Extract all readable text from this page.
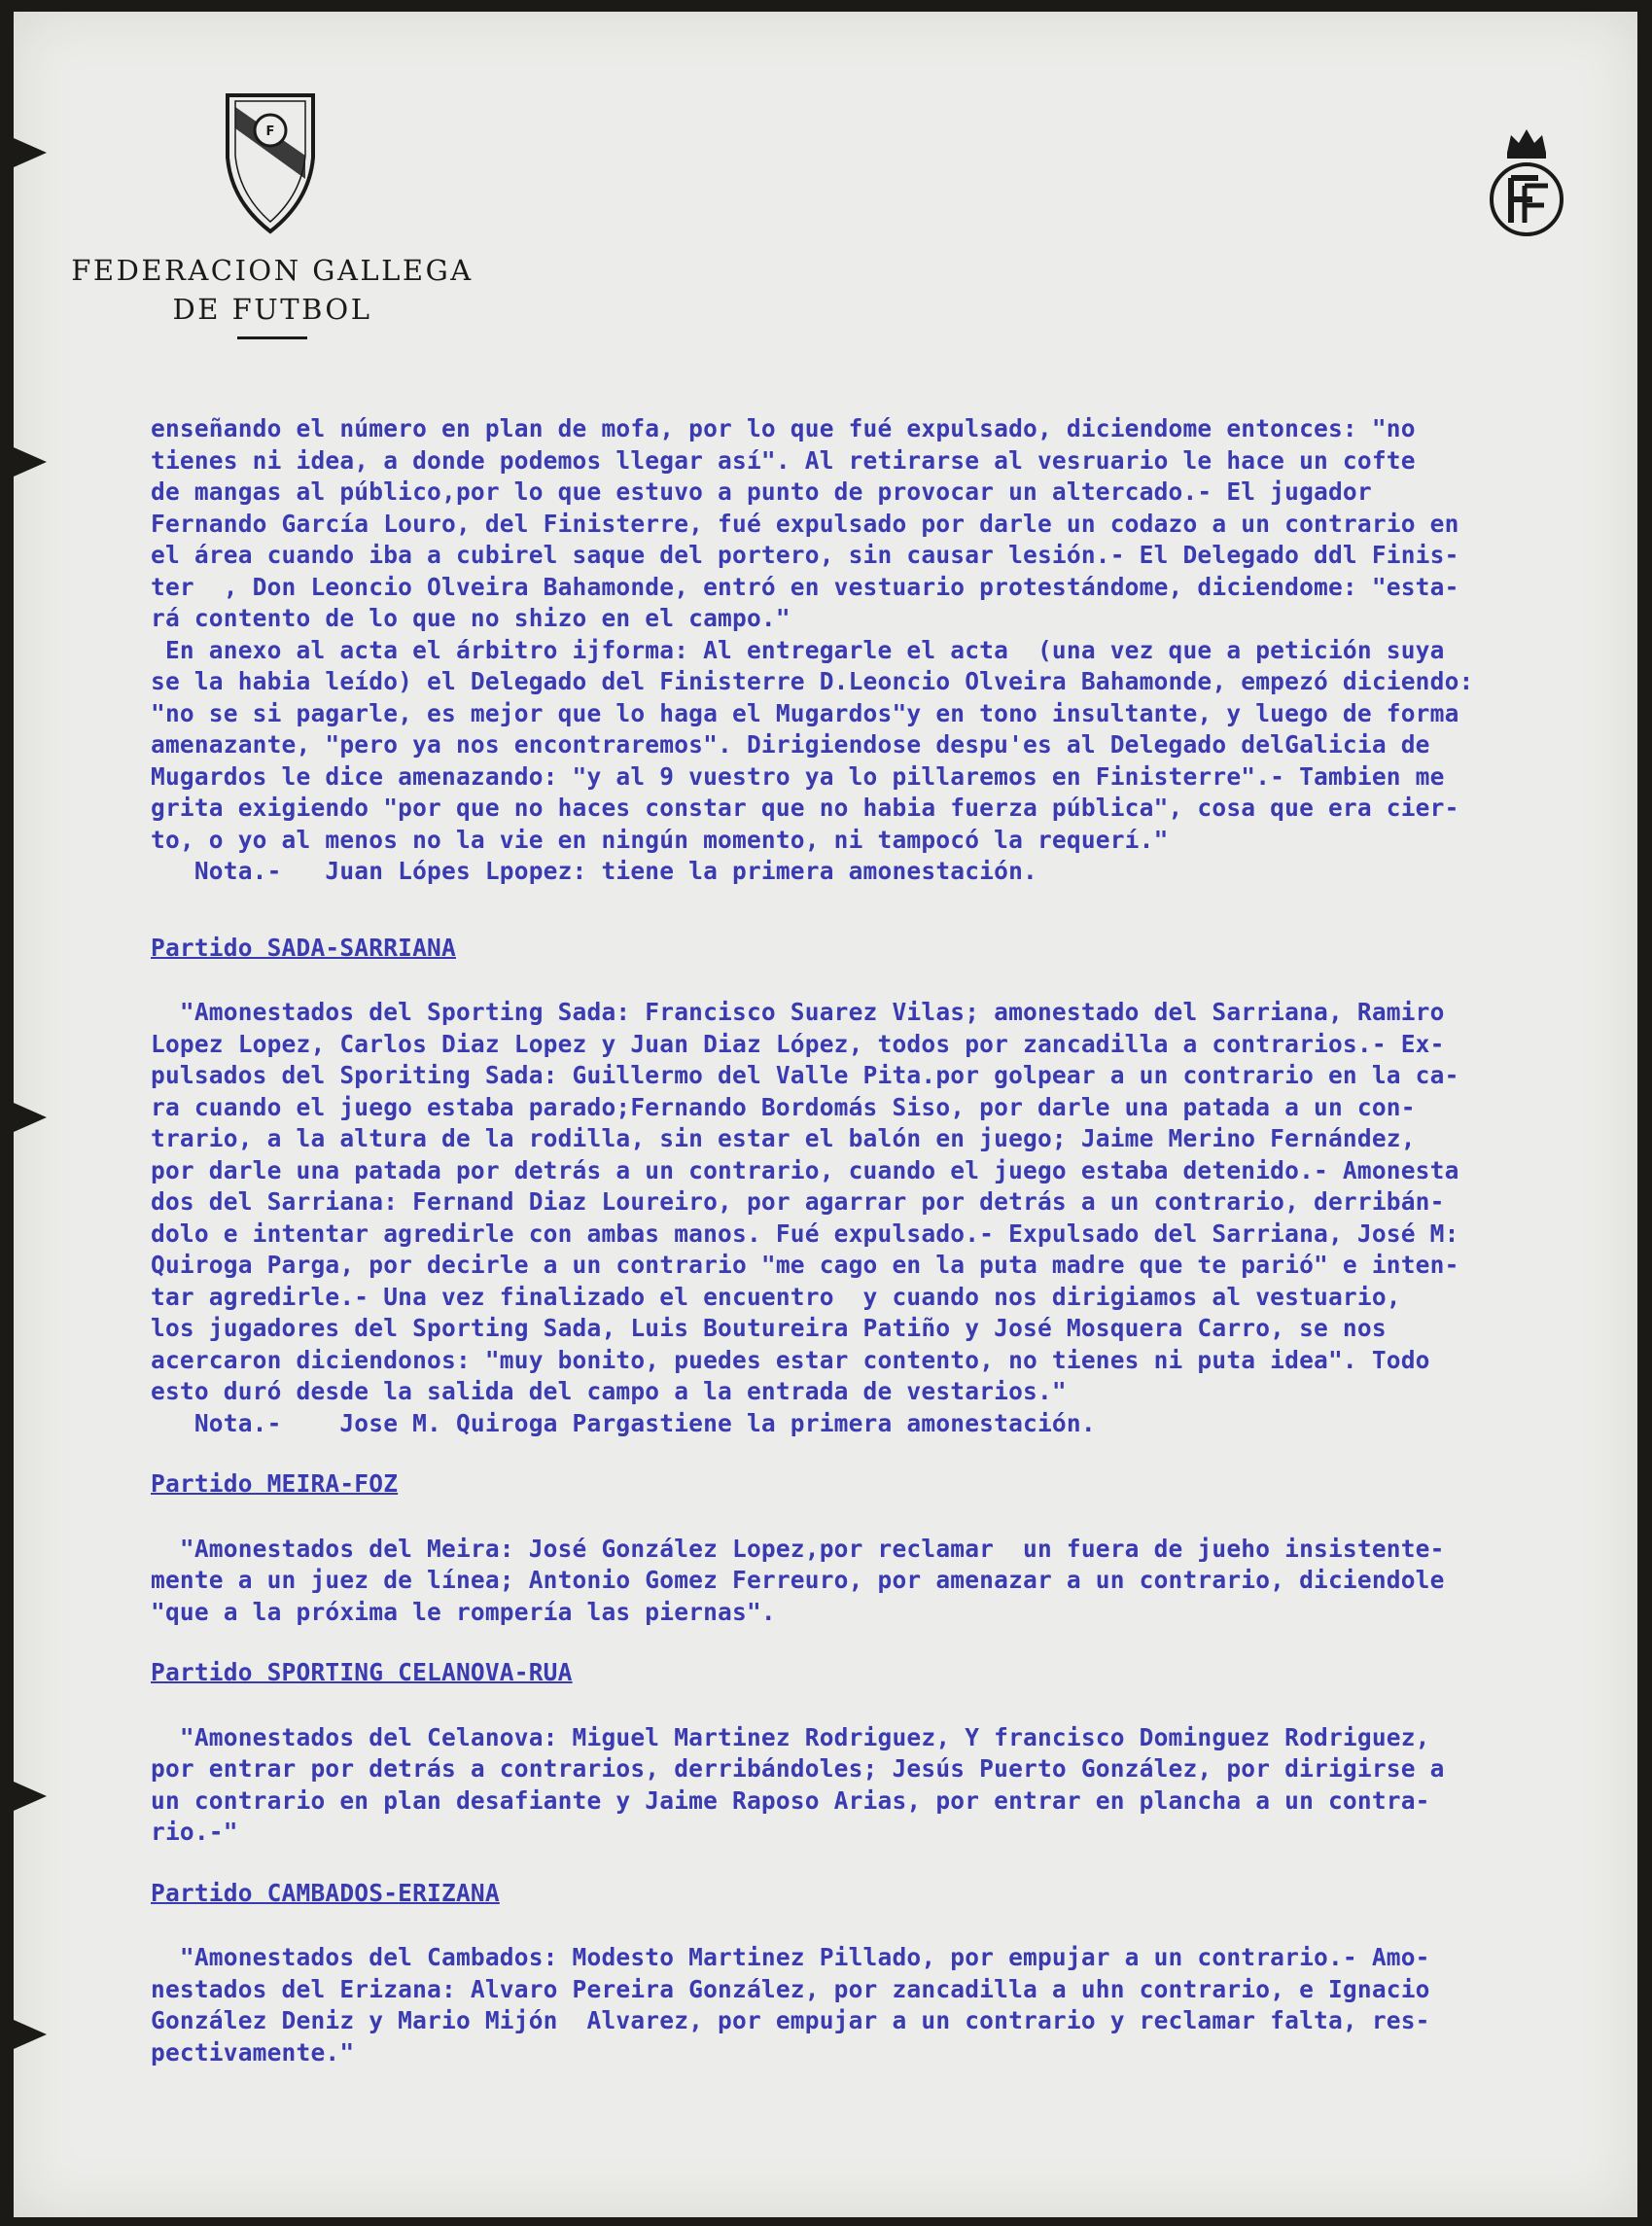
F
FEDERACION GALLEGA
DE FUTBOL
enseñando el número en plan de mofa, por lo que fué expulsado, diciendome entonces: "no
tienes ni idea, a donde podemos llegar así". Al retirarse al vesruario le hace un cofte
de mangas al público,por lo que estuvo a punto de provocar un altercado.- El jugador
Fernando García Louro, del Finisterre, fué expulsado por darle un codazo a un contrario en
el área cuando iba a cubirel saque del portero, sin causar lesión.- El Delegado ddl Finis-
ter  , Don Leoncio Olveira Bahamonde, entró en vestuario protestándome, diciendome: "esta-
rá contento de lo que no shizo en el campo."
En anexo al acta el árbitro ijforma: Al entregarle el acta  (una vez que a petición suya
se la habia leído) el Delegado del Finisterre D.Leoncio Olveira Bahamonde, empezó diciendo:
"no se si pagarle, es mejor que lo haga el Mugardos"y en tono insultante, y luego de forma
amenazante, "pero ya nos encontraremos". Dirigiendose despu'es al Delegado delGalicia de
Mugardos le dice amenazando: "y al 9 vuestro ya lo pillaremos en Finisterre".- Tambien me
grita exigiendo "por que no haces constar que no habia fuerza pública", cosa que era cier-
to, o yo al menos no la vie en ningún momento, ni tampocó la requerí."
Nota.-   Juan Lópes Lpopez: tiene la primera amonestación.
Partido SADA-SARRIANA
"Amonestados del Sporting Sada: Francisco Suarez Vilas; amonestado del Sarriana, Ramiro
Lopez Lopez, Carlos Diaz Lopez y Juan Diaz López, todos por zancadilla a contrarios.- Ex-
pulsados del Sporiting Sada: Guillermo del Valle Pita.por golpear a un contrario en la ca-
ra cuando el juego estaba parado;Fernando Bordomás Siso, por darle una patada a un con-
trario, a la altura de la rodilla, sin estar el balón en juego; Jaime Merino Fernández,
por darle una patada por detrás a un contrario, cuando el juego estaba detenido.- Amonesta
dos del Sarriana: Fernand Diaz Loureiro, por agarrar por detrás a un contrario, derribán-
dolo e intentar agredirle con ambas manos. Fué expulsado.- Expulsado del Sarriana, José M:
Quiroga Parga, por decirle a un contrario "me cago en la puta madre que te parió" e inten-
tar agredirle.- Una vez finalizado el encuentro  y cuando nos dirigiamos al vestuario,
los jugadores del Sporting Sada, Luis Boutureira Patiño y José Mosquera Carro, se nos
acercaron diciendonos: "muy bonito, puedes estar contento, no tienes ni puta idea". Todo
esto duró desde la salida del campo a la entrada de vestarios."
Nota.-    Jose M. Quiroga Pargastiene la primera amonestación.
Partido MEIRA-FOZ
"Amonestados del Meira: José González Lopez,por reclamar  un fuera de jueho insistente-
mente a un juez de línea; Antonio Gomez Ferreuro, por amenazar a un contrario, diciendole
"que a la próxima le rompería las piernas".
Partido SPORTING CELANOVA-RUA
"Amonestados del Celanova: Miguel Martinez Rodriguez, Y francisco Dominguez Rodriguez,
por entrar por detrás a contrarios, derribándoles; Jesús Puerto González, por dirigirse a
un contrario en plan desafiante y Jaime Raposo Arias, por entrar en plancha a un contra-
rio.-"
Partido CAMBADOS-ERIZANA
"Amonestados del Cambados: Modesto Martinez Pillado, por empujar a un contrario.- Amo-
nestados del Erizana: Alvaro Pereira González, por zancadilla a uhn contrario, e Ignacio
González Deniz y Mario Mijón  Alvarez, por empujar a un contrario y reclamar falta, res-
pectivamente."
